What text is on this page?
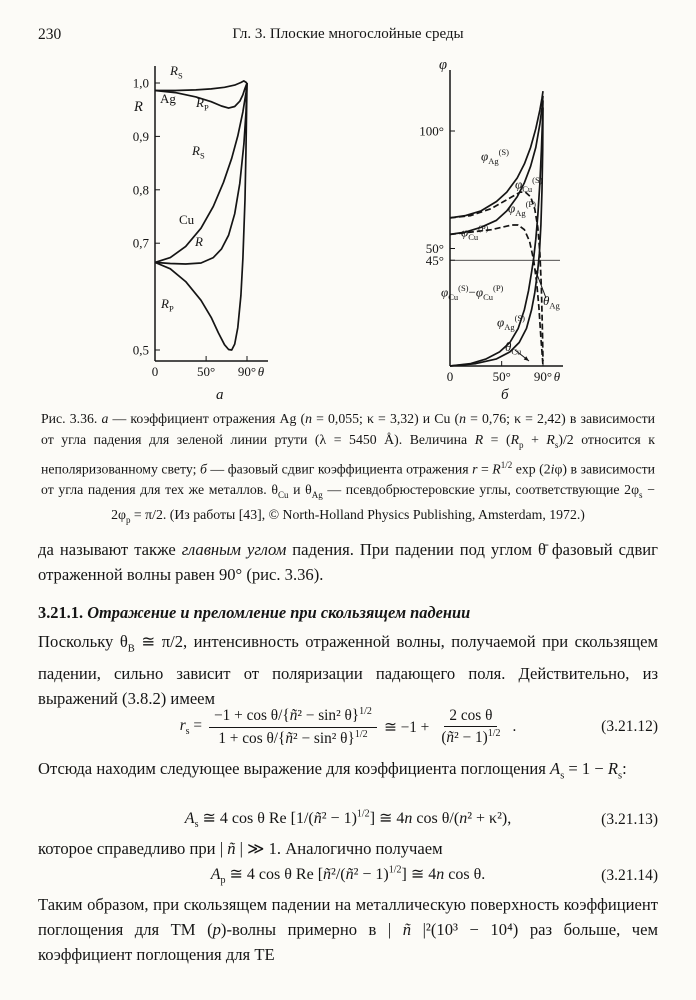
230	Гл. 3. Плоские многослойные среды
1,0
0,9
0,8
0,7
0,5
0	50° 90° θ
$R_S$
Ag $R_P$
$R_S$
Cu
R
$R_P$
R
а
100°
50°
45°
0	50° 90° θ
φ
$\varphi_{Ag}^{(S)}$
$\varphi_{Cu}^{(S)}$
$\varphi_{Ag}^{(P)}$
$\varphi_{Cu}^{(P)}$
$\varphi_{Cu}^{(S)}-\varphi_{Cu}^{(P)}$
$\theta_{Ag}$
$\varphi_{Ag}^{(S)}$
$\theta_{Cu}$
б
Рис. 3.36. а — коэффициент отражения Ag (n = 0,055; κ = 3,32) и Cu (n = 0,76; κ = 2,42) в зависимости от угла падения для зеленой линии ртути (λ = 5450 Å). Величина $R = (R_p + R_s)/2$ относится к неполяризованному свету; б — фазовый сдвиг коэффициента отражения $r = R^{1/2}$ exp (2iφ) в зависимости от угла падения для тех же металлов. $\theta_{Cu}$ и $\theta_{Ag}$ — псевдобрюстеровские углы, соответствующие $2\varphi_s - 2\varphi_p = \pi/2$. (Из работы [43], © North-Holland Physics Publishing, Amsterdam, 1972.)
да называют также главным углом падения. При падении под углом θ̄ фазовый сдвиг отраженной волны равен 90° (рис. 3.36).
3.21.1. Отражение и преломление при скользящем падении
Поскольку $\theta_B$ ≅ π/2, интенсивность отраженной волны, получаемой при скользящем падении, сильно зависит от поляризации падающего поля. Действительно, из выражений (3.8.2) имеем
$r_s = \frac{-1 + \cos \theta/\{ñ^2 - \sin^2 \theta\}^{1/2}}{1 + \cos \theta/\{ñ^2 - \sin^2 \theta\}^{1/2}}$ ≅ $-1 + \frac{\text{2 cos θ}}{(ñ^2 - 1)^{1/2}}$ .	(3.21.12)
Отсюда находим следующее выражение для коэффициента поглощения $A_s = 1 - R_s$:
$A_s$ ≅ 4 cos θ Re [1/(ñ² − 1)$^{1/2}$] ≅ 4n cos θ/(n² + κ²),	(3.21.13)
которое справедливо при | ñ | ≫ 1. Аналогично получаем
$A_p$ ≅ 4 cos θ Re [ñ²/(ñ² − 1)$^{1/2}$] ≅ 4n cos θ.	(3.21.14)
Таким образом, при скользящем падении на металлическую поверхность коэффициент поглощения для TM (p)-волны примерно в | ñ |²(10³ − 10⁴) раз больше, чем коэффициент поглощения для TE
